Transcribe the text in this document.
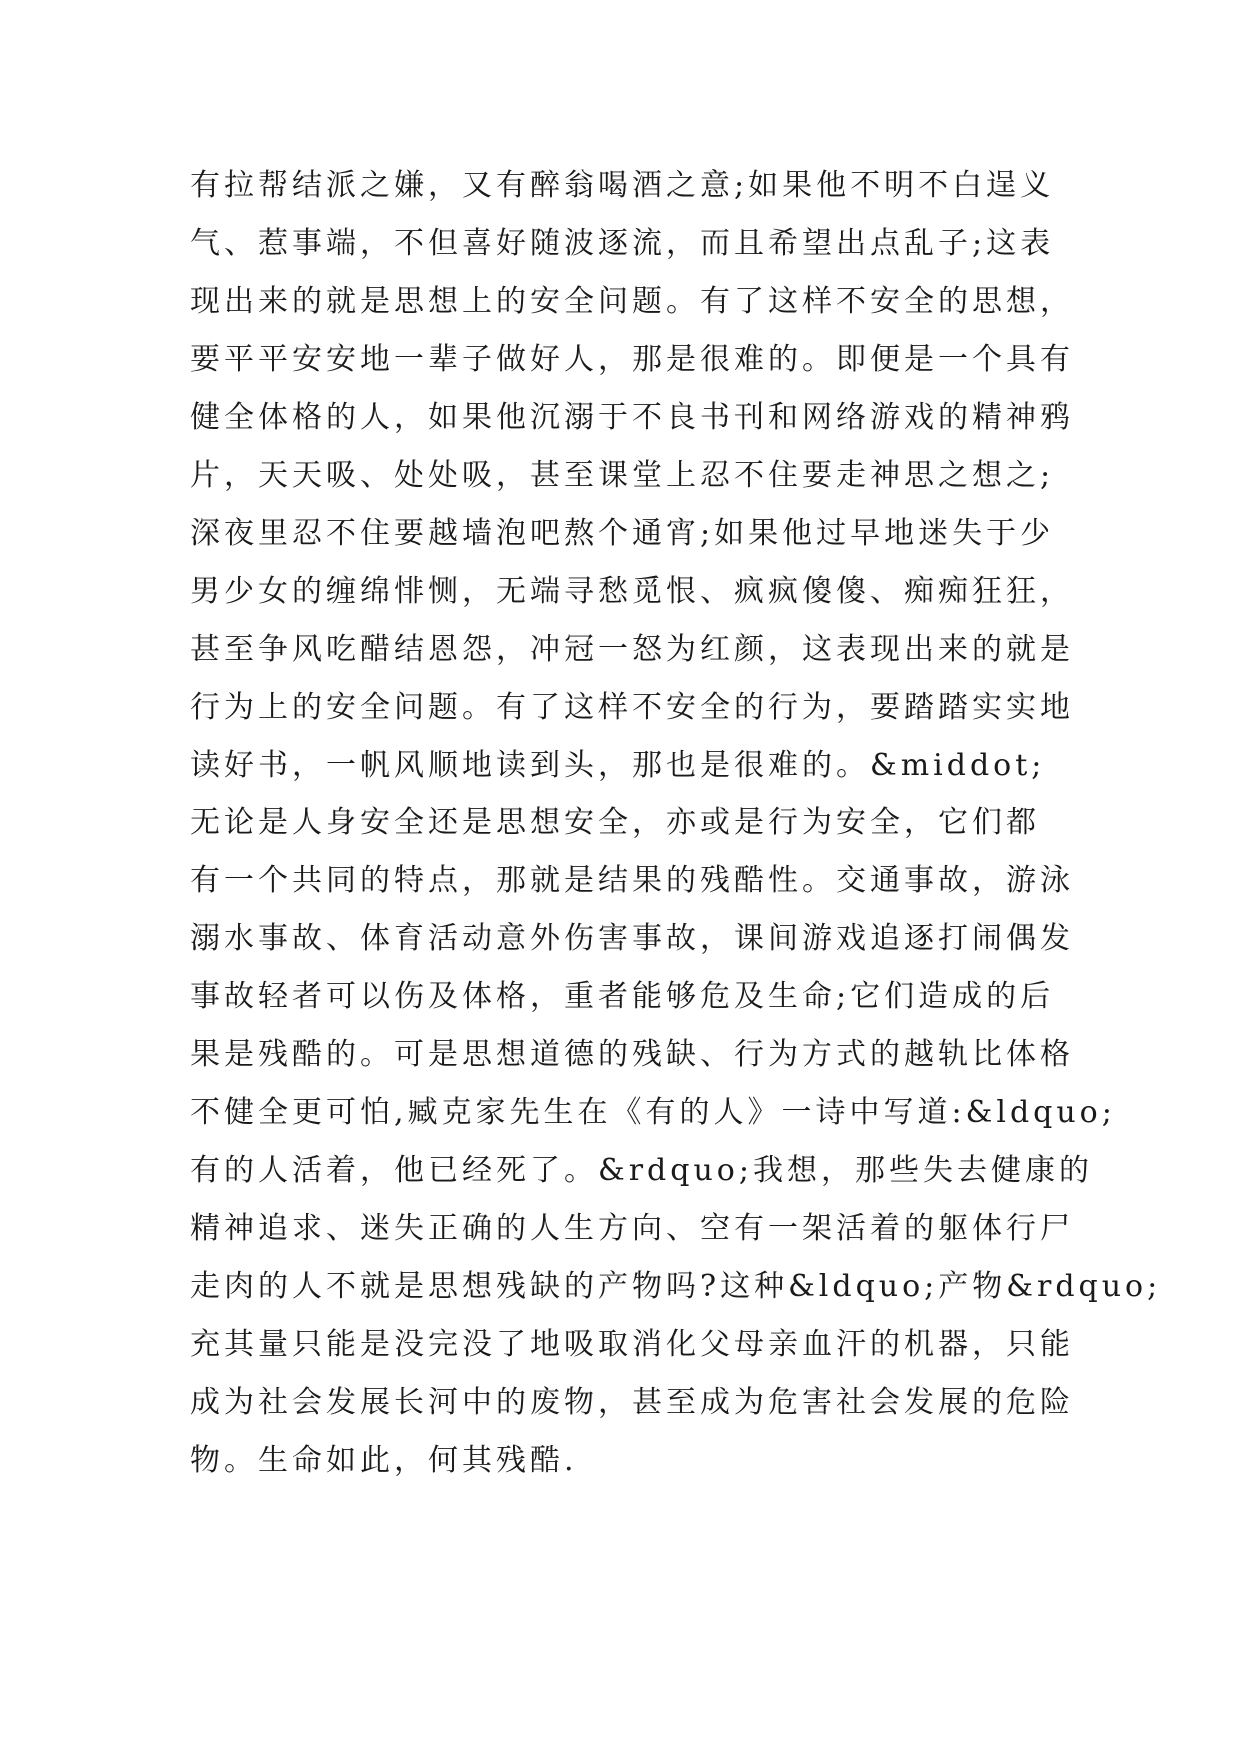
有拉帮结派之嫌，又有醉翁喝酒之意;如果他不明不白逞义
气、惹事端，不但喜好随波逐流，而且希望出点乱子;这表
现出来的就是思想上的安全问题。有了这样不安全的思想，
要平平安安地一辈子做好人，那是很难的。即便是一个具有
健全体格的人，如果他沉溺于不良书刊和网络游戏的精神鸦
片，天天吸、处处吸，甚至课堂上忍不住要走神思之想之;
深夜里忍不住要越墙泡吧熬个通宵;如果他过早地迷失于少
男少女的缠绵悱恻，无端寻愁觅恨、疯疯傻傻、痴痴狂狂，
甚至争风吃醋结恩怨，冲冠一怒为红颜，这表现出来的就是
行为上的安全问题。有了这样不安全的行为，要踏踏实实地
读好书，一帆风顺地读到头，那也是很难的。&middot;
无论是人身安全还是思想安全，亦或是行为安全，它们都
有一个共同的特点，那就是结果的残酷性。交通事故，游泳
溺水事故、体育活动意外伤害事故，课间游戏追逐打闹偶发
事故轻者可以伤及体格，重者能够危及生命;它们造成的后
果是残酷的。可是思想道德的残缺、行为方式的越轨比体格
不健全更可怕,臧克家先生在《有的人》一诗中写道:&ldquo;
有的人活着，他已经死了。&rdquo;我想，那些失去健康的
精神追求、迷失正确的人生方向、空有一架活着的躯体行尸
走肉的人不就是思想残缺的产物吗?这种&ldquo;产物&rdquo;
充其量只能是没完没了地吸取消化父母亲血汗的机器，只能
成为社会发展长河中的废物，甚至成为危害社会发展的危险
物。生命如此，何其残酷.
